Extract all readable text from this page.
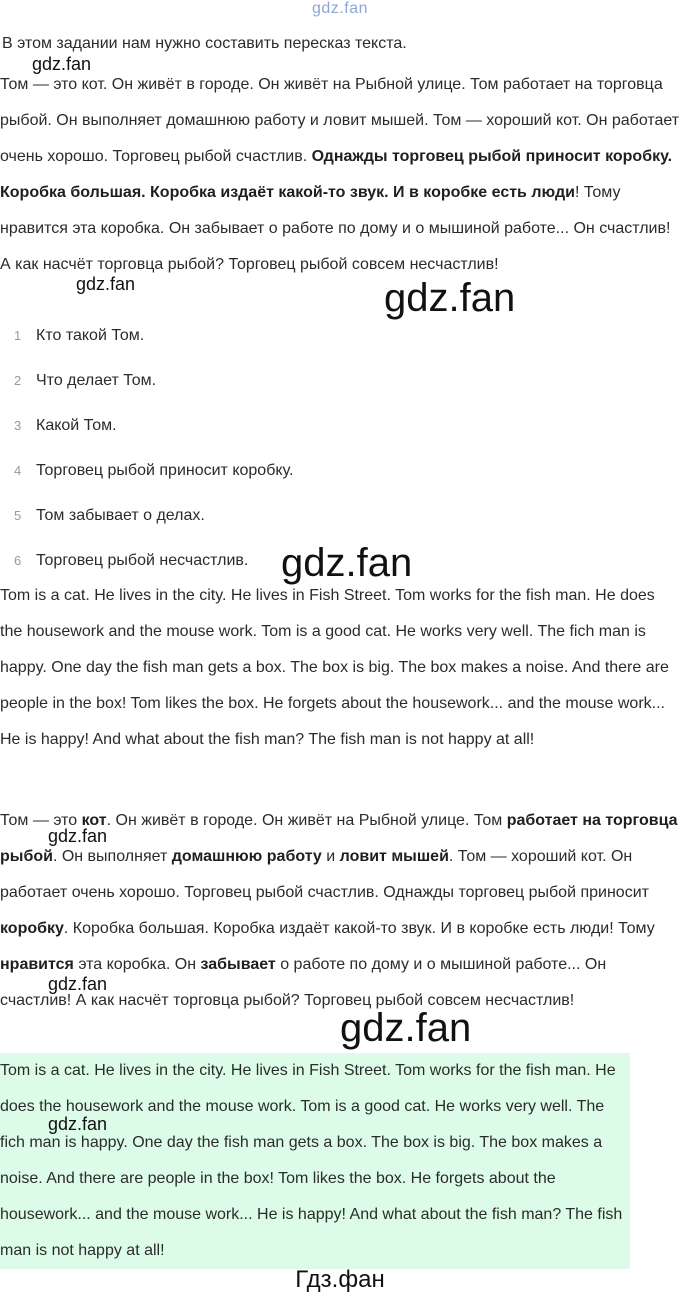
gdz.fan
В этом задании нам нужно составить пересказ текста.
Том — это кот. Он живёт в городе. Он живёт на Рыбной улице. Том работает на торговца рыбой. Он выполняет домашнюю работу и ловит мышей. Том — хороший кот. Он работает очень хорошо. Торговец рыбой счастлив. Однажды торговец рыбой приносит коробку. Коробка большая. Коробка издаёт какой-то звук. И в коробке есть люди! Тому нравится эта коробка. Он забывает о работе по дому и о мышиной работе... Он счастлив! А как насчёт торговца рыбой? Торговец рыбой совсем несчастлив!
1 Кто такой Том.
2 Что делает Том.
3 Какой Том.
4 Торговец рыбой приносит коробку.
5 Том забывает о делах.
6 Торговец рыбой несчастлив.
Tom is a cat. He lives in the city. He lives in Fish Street. Tom works for the fish man. He does the housework and the mouse work. Tom is a good cat. He works very well. The fich man is happy. One day the fish man gets a box. The box is big. The box makes a noise. And there are people in the box! Tom likes the box. He forgets about the housework... and the mouse work... He is happy! And what about the fish man? The fish man is not happy at all!
Том — это кот. Он живёт в городе. Он живёт на Рыбной улице. Том работает на торговца рыбой. Он выполняет домашнюю работу и ловит мышей. Том — хороший кот. Он работает очень хорошо. Торговец рыбой счастлив. Однажды торговец рыбой приносит коробку. Коробка большая. Коробка издаёт какой-то звук. И в коробке есть люди! Тому нравится эта коробка. Он забывает о работе по дому и о мышиной работе... Он счастлив! А как насчёт торговца рыбой? Торговец рыбой совсем несчастлив!
Tom is a cat. He lives in the city. He lives in Fish Street. Tom works for the fish man. He does the housework and the mouse work. Tom is a good cat. He works very well. The fich man is happy. One day the fish man gets a box. The box is big. The box makes a noise. And there are people in the box! Tom likes the box. He forgets about the housework... and the mouse work... He is happy! And what about the fish man? The fish man is not happy at all!
gdz.fan
gdz.fan	gdz.fan
gdz.fan
gdz.fan
gdz.fan
gdz.fan
gdz.fan
Гдз.фан
